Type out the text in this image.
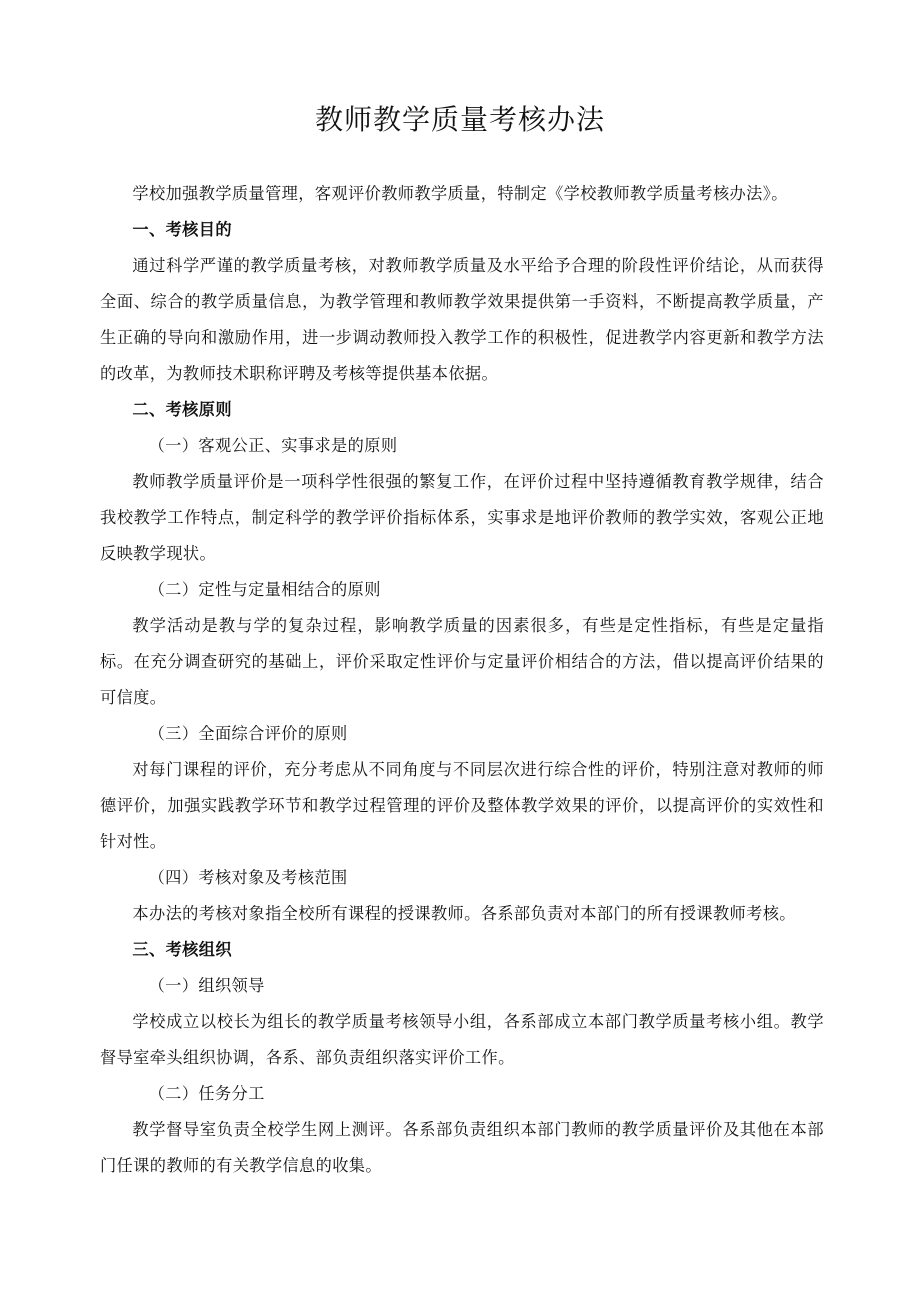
教师教学质量考核办法

学校加强教学质量管理，客观评价教师教学质量，特制定《学校教师教学质量考核办法》。

一、考核目的

通过科学严谨的教学质量考核，对教师教学质量及水平给予合理的阶段性评价结论，从而获得全面、综合的教学质量信息，为教学管理和教师教学效果提供第一手资料，不断提高教学质量，产生正确的导向和激励作用，进一步调动教师投入教学工作的积极性，促进教学内容更新和教学方法的改革，为教师技术职称评聘及考核等提供基本依据。

二、考核原则

（一）客观公正、实事求是的原则

教师教学质量评价是一项科学性很强的繁复工作，在评价过程中坚持遵循教育教学规律，结合我校教学工作特点，制定科学的教学评价指标体系，实事求是地评价教师的教学实效，客观公正地反映教学现状。

（二）定性与定量相结合的原则

教学活动是教与学的复杂过程，影响教学质量的因素很多，有些是定性指标，有些是定量指标。在充分调查研究的基础上，评价采取定性评价与定量评价相结合的方法，借以提高评价结果的可信度。

（三）全面综合评价的原则

对每门课程的评价，充分考虑从不同角度与不同层次进行综合性的评价，特别注意对教师的师德评价，加强实践教学环节和教学过程管理的评价及整体教学效果的评价，以提高评价的实效性和针对性。

（四）考核对象及考核范围

本办法的考核对象指全校所有课程的授课教师。各系部负责对本部门的所有授课教师考核。

三、考核组织

（一）组织领导

学校成立以校长为组长的教学质量考核领导小组，各系部成立本部门教学质量考核小组。教学督导室牵头组织协调，各系、部负责组织落实评价工作。

（二）任务分工

教学督导室负责全校学生网上测评。各系部负责组织本部门教师的教学质量评价及其他在本部门任课的教师的有关教学信息的收集。
